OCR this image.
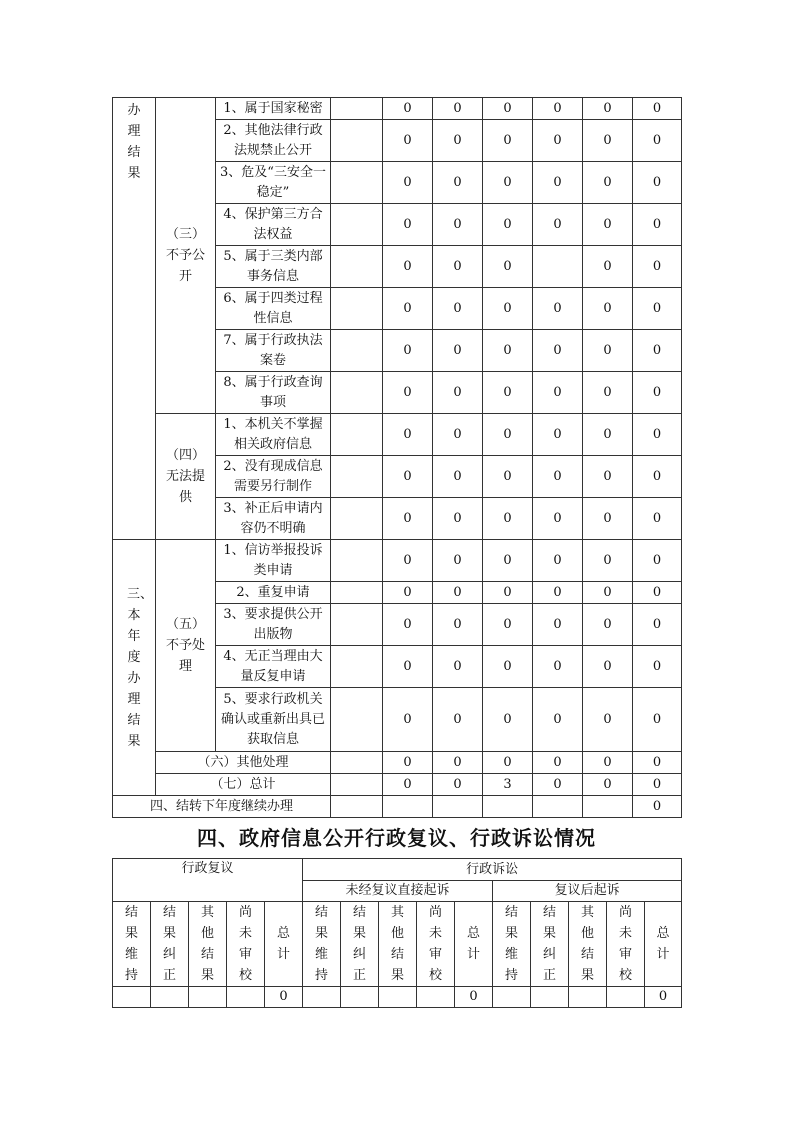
办理结果	（三）不予公开	1、属于国家秘密		0	0	0	0	0	0
		2、其他法律行政法规禁止公开		0	0	0	0	0	0
		3、危及“三安全一稳定”		0	0	0	0	0	0
		4、保护第三方合法权益		0	0	0	0	0	0
		5、属于三类内部事务信息		0	0	0		0	0
		6、属于四类过程性信息		0	0	0	0	0	0
		7、属于行政执法案卷		0	0	0	0	0	0
		8、属于行政查询事项		0	0	0	0	0	0
	（四）无法提供	1、本机关不掌握相关政府信息		0	0	0	0	0	0
		2、没有现成信息需要另行制作		0	0	0	0	0	0
		3、补正后申请内容仍不明确		0	0	0	0	0	0
三、本年度办理结果	（五）不予处理	1、信访举报投诉类申请		0	0	0	0	0	0
		2、重复申请		0	0	0	0	0	0
		3、要求提供公开出版物		0	0	0	0	0	0
		4、无正当理由大量反复申请		0	0	0	0	0	0
		5、要求行政机关确认或重新出具已获取信息		0	0	0	0	0	0
	（六）其他处理			0	0	0	0	0	0
	（七）总计			0	0	3	0	0	0
四、结转下年度继续办理									0
四、政府信息公开行政复议、行政诉讼情况
行政复议					行政诉讼									
					未经复议直接起诉					复议后起诉				
结果维持	结果纠正	其他结果	尚未审校	总计	结果维持	结果纠正	其他结果	尚未审校	总计	结果维持	结果纠正	其他结果	尚未审校	总计
				0					0					0
